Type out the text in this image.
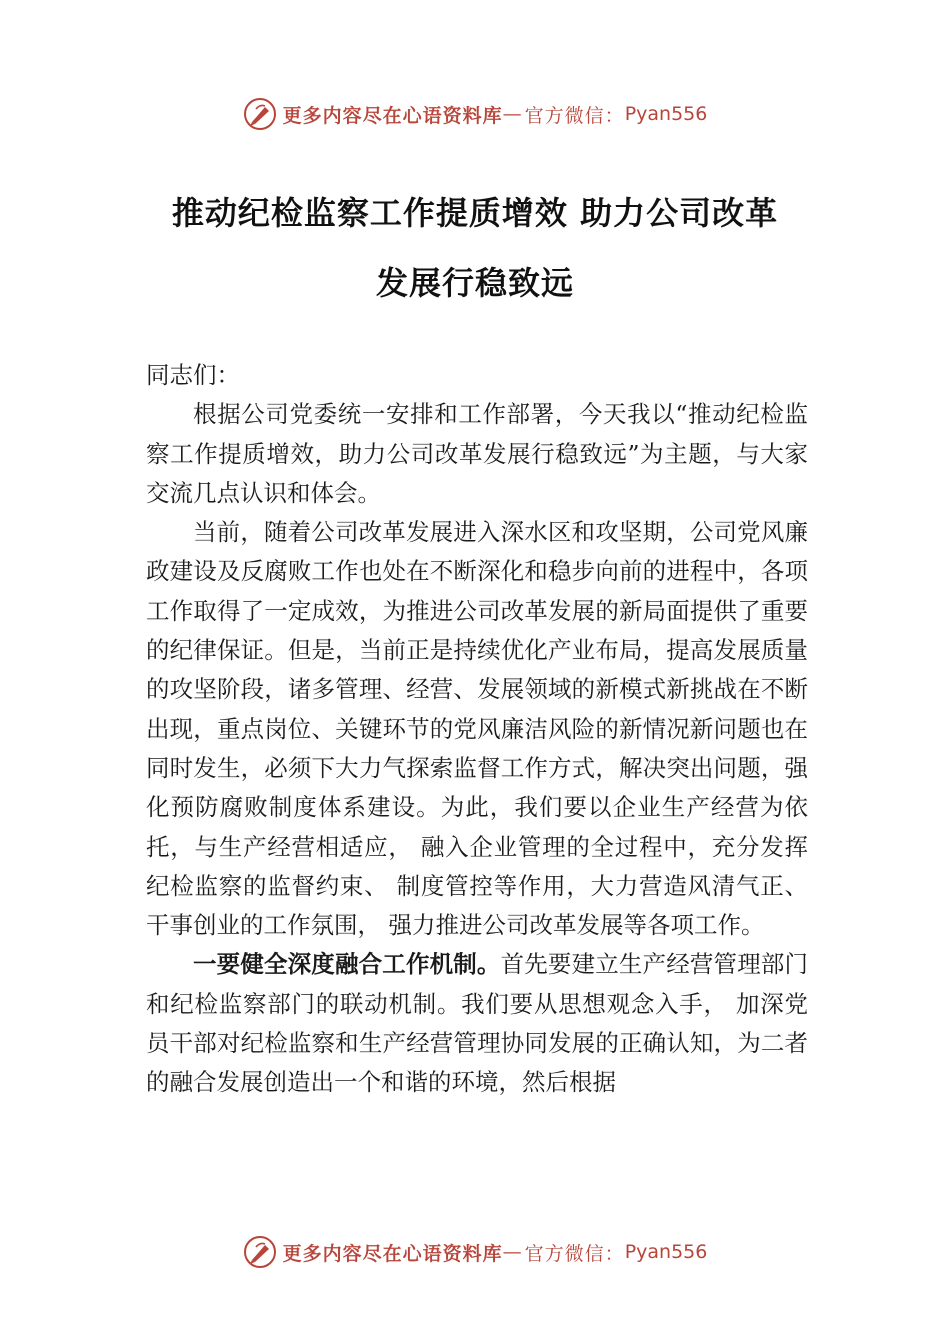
更多内容尽在心语资料库 — 官方微信： Pyan556
推动纪检监察工作提质增效 助力公司改革
发展行稳致远

同志们：

根据公司党委统一安排和工作部署，今天我以“推动纪检监察工作提质增效，助力公司改革发展行稳致远”为主题，与大家交流几点认识和体会。

当前，随着公司改革发展进入深水区和攻坚期，公司党风廉政建设及反腐败工作也处在不断深化和稳步向前的进程中，各项工作取得了一定成效，为推进公司改革发展的新局面提供了重要的纪律保证。但是，当前正是持续优化产业布局，提高发展质量的攻坚阶段，诸多管理、经营、发展领域的新模式新挑战在不断出现，重点岗位、关键环节的党风廉洁风险的新情况新问题也在同时发生，必须下大力气探索监督工作方式，解决突出问题，强化预防腐败制度体系建设。为此，我们要以企业生产经营为依托，与生产经营相适应， 融入企业管理的全过程中，充分发挥纪检监察的监督约束、 制度管控等作用，大力营造风清气正、干事创业的工作氛围， 强力推进公司改革发展等各项工作。

一要健全深度融合工作机制。首先要建立生产经营管理部门和纪检监察部门的联动机制。我们要从思想观念入手， 加深党员干部对纪检监察和生产经营管理协同发展的正确认知，为二者的融合发展创造出一个和谐的环境，然后根据

更多内容尽在心语资料库 — 官方微信： Pyan556
